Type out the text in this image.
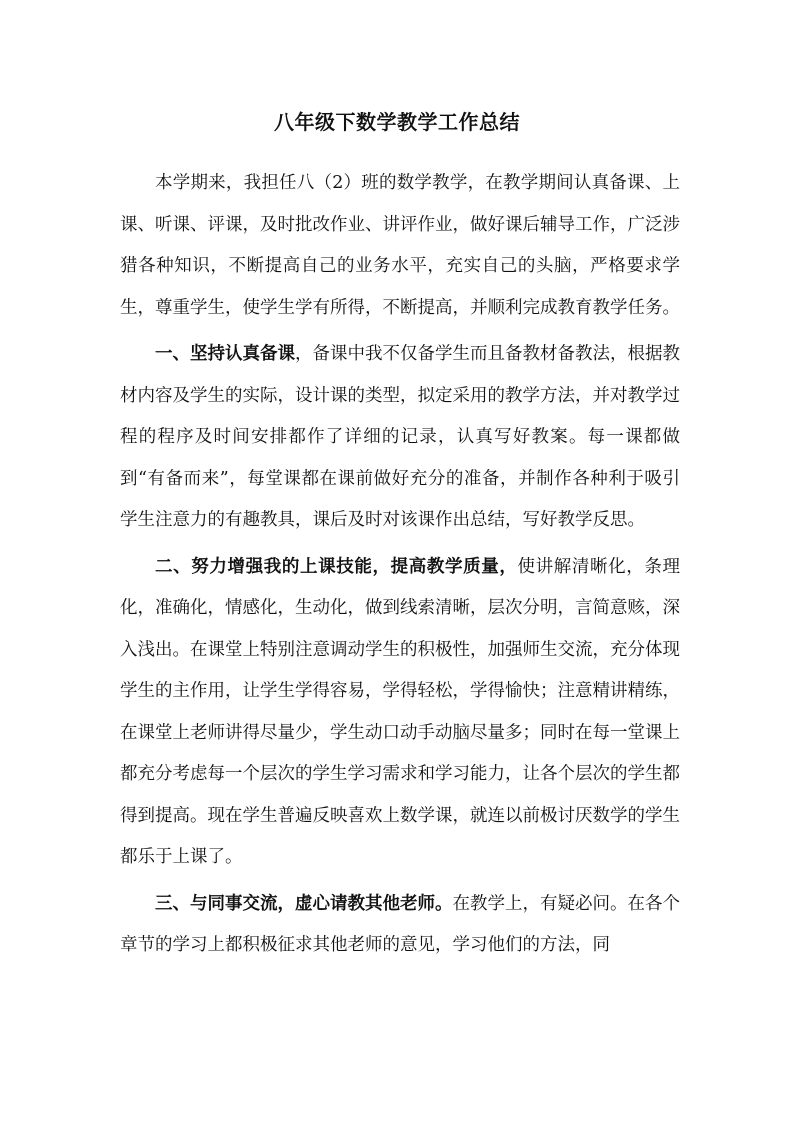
八年级下数学教学工作总结

本学期来，我担任八（2）班的数学教学，在教学期间认真备课、上课、听课、评课，及时批改作业、讲评作业，做好课后辅导工作，广泛涉猎各种知识，不断提高自己的业务水平，充实自己的头脑，严格要求学生，尊重学生，使学生学有所得，不断提高，并顺利完成教育教学任务。

一、坚持认真备课，备课中我不仅备学生而且备教材备教法，根据教材内容及学生的实际，设计课的类型，拟定采用的教学方法，并对教学过程的程序及时间安排都作了详细的记录，认真写好教案。每一课都做到“有备而来”，每堂课都在课前做好充分的准备，并制作各种利于吸引学生注意力的有趣教具，课后及时对该课作出总结，写好教学反思。

二、努力增强我的上课技能，提高教学质量，使讲解清晰化，条理化，准确化，情感化，生动化，做到线索清晰，层次分明，言简意赅，深入浅出。在课堂上特别注意调动学生的积极性，加强师生交流，充分体现学生的主作用，让学生学得容易，学得轻松，学得愉快；注意精讲精练，在课堂上老师讲得尽量少，学生动口动手动脑尽量多；同时在每一堂课上都充分考虑每一个层次的学生学习需求和学习能力，让各个层次的学生都得到提高。现在学生普遍反映喜欢上数学课，就连以前极讨厌数学的学生都乐于上课了。

三、与同事交流，虚心请教其他老师。在教学上，有疑必问。在各个章节的学习上都积极征求其他老师的意见，学习他们的方法，同
